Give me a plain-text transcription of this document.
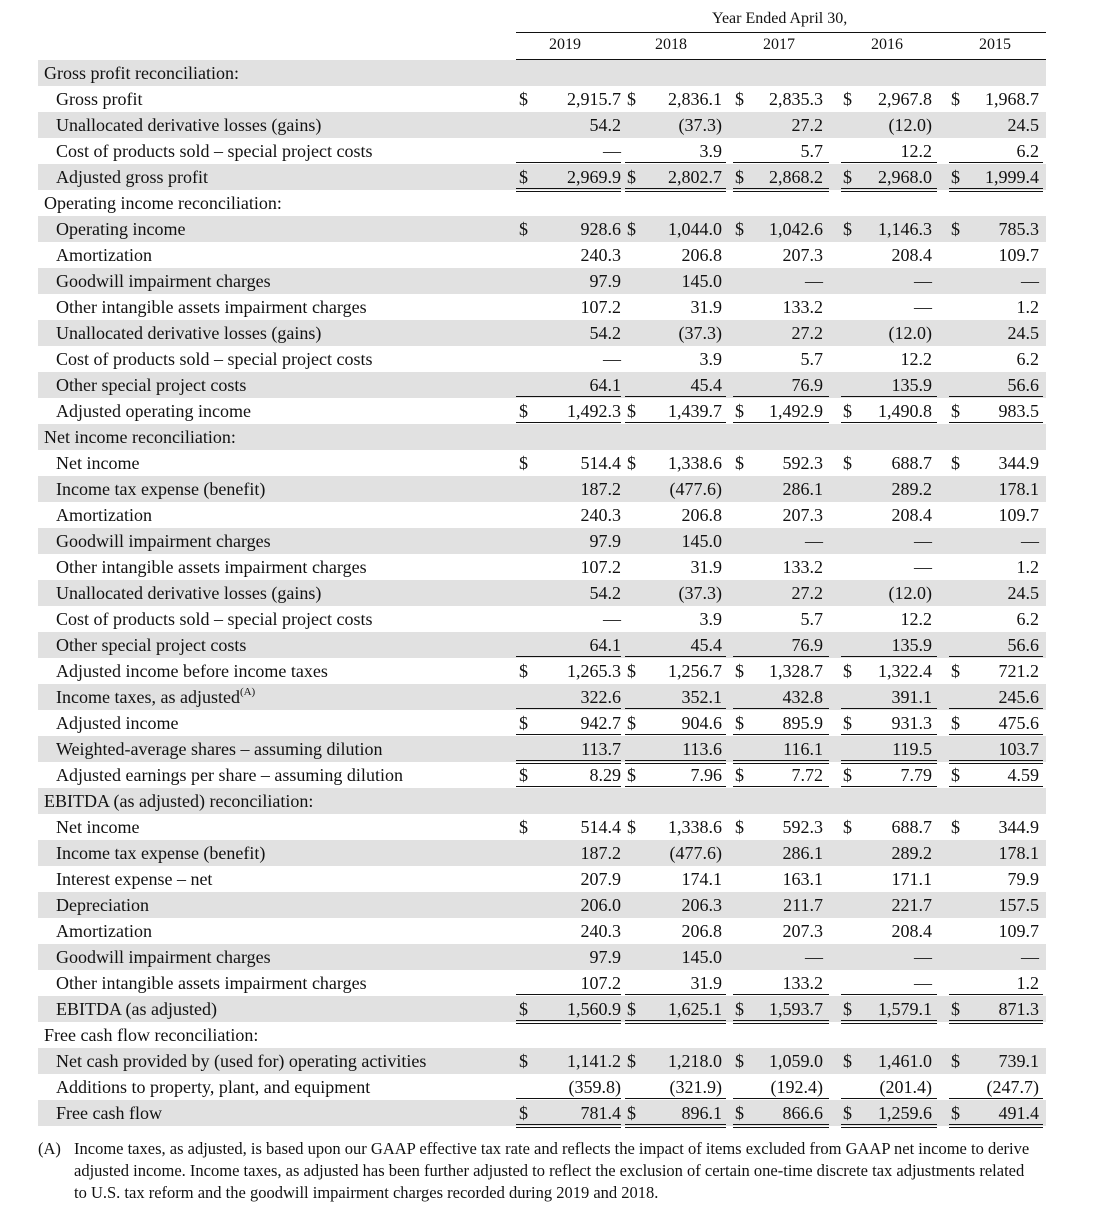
Year Ended April 30,
2019	2018	2017	2016	2015
Gross profit reconciliation:
Gross profit	$	2,915.7 $	2,836.1 $	2,835.3 $	2,967.8 $	1,968.7
Unallocated derivative losses (gains)	54.2	(37.3)	27.2	(12.0)	24.5
Cost of products sold – special project costs	—	3.9	5.7	12.2	6.2
Adjusted gross profit	$	2,969.9 $	2,802.7 $	2,868.2 $	2,968.0 $	1,999.4
Operating income reconciliation:
Operating income	$	928.6 $	1,044.0 $	1,042.6 $	1,146.3 $	785.3
Amortization	240.3	206.8	207.3	208.4	109.7
Goodwill impairment charges	97.9	145.0	—	—	—
Other intangible assets impairment charges	107.2	31.9	133.2	—	1.2
Unallocated derivative losses (gains)	54.2	(37.3)	27.2	(12.0)	24.5
Cost of products sold – special project costs	—	3.9	5.7	12.2	6.2
Other special project costs	64.1	45.4	76.9	135.9	56.6
Adjusted operating income	$	1,492.3 $	1,439.7 $	1,492.9 $	1,490.8 $	983.5
Net income reconciliation:
Net income	$	514.4 $	1,338.6 $	592.3 $	688.7 $	344.9
Income tax expense (benefit)	187.2	(477.6)	286.1	289.2	178.1
Amortization	240.3	206.8	207.3	208.4	109.7
Goodwill impairment charges	97.9	145.0	—	—	—
Other intangible assets impairment charges	107.2	31.9	133.2	—	1.2
Unallocated derivative losses (gains)	54.2	(37.3)	27.2	(12.0)	24.5
Cost of products sold – special project costs	—	3.9	5.7	12.2	6.2
Other special project costs	64.1	45.4	76.9	135.9	56.6
Adjusted income before income taxes	$	1,265.3 $	1,256.7 $	1,328.7 $	1,322.4 $	721.2
Income taxes, as adjusted$^{(A)}$	322.6	352.1	432.8	391.1	245.6
Adjusted income	$	942.7 $	904.6 $	895.9 $	931.3 $	475.6
Weighted-average shares – assuming dilution	113.7	113.6	116.1	119.5	103.7
Adjusted earnings per share – assuming dilution	$	8.29 $	7.96 $	7.72 $	7.79 $	4.59
EBITDA (as adjusted) reconciliation:
Net income	$	514.4 $	1,338.6 $	592.3 $	688.7 $	344.9
Income tax expense (benefit)	187.2	(477.6)	286.1	289.2	178.1
Interest expense – net	207.9	174.1	163.1	171.1	79.9
Depreciation	206.0	206.3	211.7	221.7	157.5
Amortization	240.3	206.8	207.3	208.4	109.7
Goodwill impairment charges	97.9	145.0	—	—	—
Other intangible assets impairment charges	107.2	31.9	133.2	—	1.2
EBITDA (as adjusted)	$	1,560.9 $	1,625.1 $	1,593.7 $	1,579.1 $	871.3
Free cash flow reconciliation:
Net cash provided by (used for) operating activities	$	1,141.2 $	1,218.0 $	1,059.0 $	1,461.0 $	739.1
Additions to property, plant, and equipment	(359.8)	(321.9)	(192.4)	(201.4)	(247.7)
Free cash flow	$	781.4 $	896.1 $	866.6 $	1,259.6 $	491.4
(A) Income taxes, as adjusted, is based upon our GAAP effective tax rate and reflects the impact of items excluded from GAAP net income to derive adjusted income. Income taxes, as adjusted has been further adjusted to reflect the exclusion of certain one-time discrete tax adjustments related to U.S. tax reform and the goodwill impairment charges recorded during 2019 and 2018.
